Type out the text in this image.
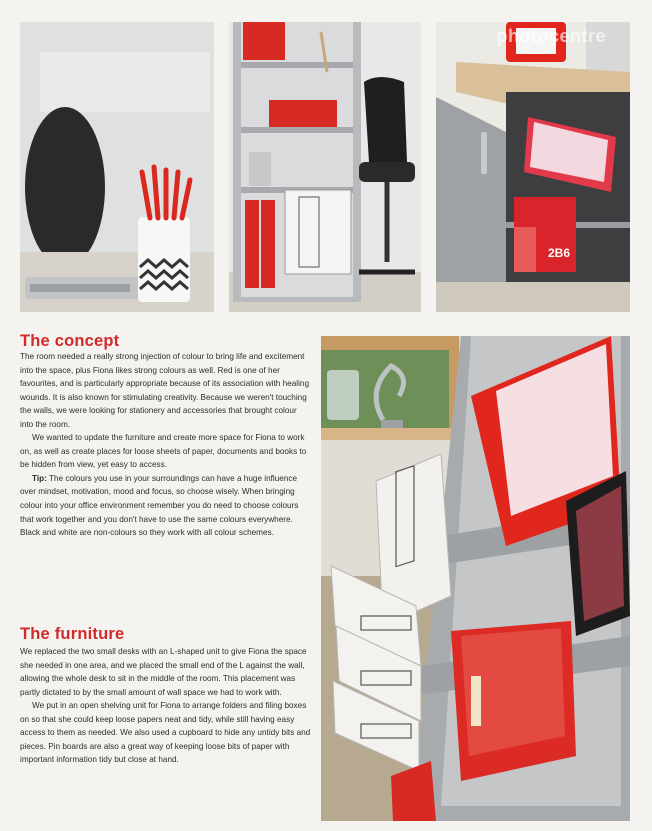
2B6
photocentre
The concept

The room needed a really strong injection of colour to bring life and excitement into the space, plus Fiona likes strong colours as well. Red is one of her favourites, and is particularly appropriate because of its association with healing wounds. It is also known for stimulating creativity. Because we weren't touching the walls, we were looking for stationery and accessories that brought colour into the room.

We wanted to update the furniture and create more space for Fiona to work on, as well as create places for loose sheets of paper, documents and books to be hidden from view, yet easy to access.

Tip: The colours you use in your surroundings can have a huge influence over mindset, motivation, mood and focus, so choose wisely. When bringing colour into your office environment remember you do need to choose colours that work together and you don't have to use the same colours everywhere. Black and white are non-colours so they work with all colour schemes.

The furniture

We replaced the two small desks with an L-shaped unit to give Fiona the space she needed in one area, and we placed the small end of the L against the wall, allowing the whole desk to sit in the middle of the room. This placement was partly dictated to by the small amount of wall space we had to work with.

We put in an open shelving unit for Fiona to arrange folders and filing boxes on so that she could keep loose papers neat and tidy, while still having easy access to them as needed. We also used a cupboard to hide any untidy bits and pieces. Pin boards are also a great way of keeping loose bits of paper with important information tidy but close at hand.
